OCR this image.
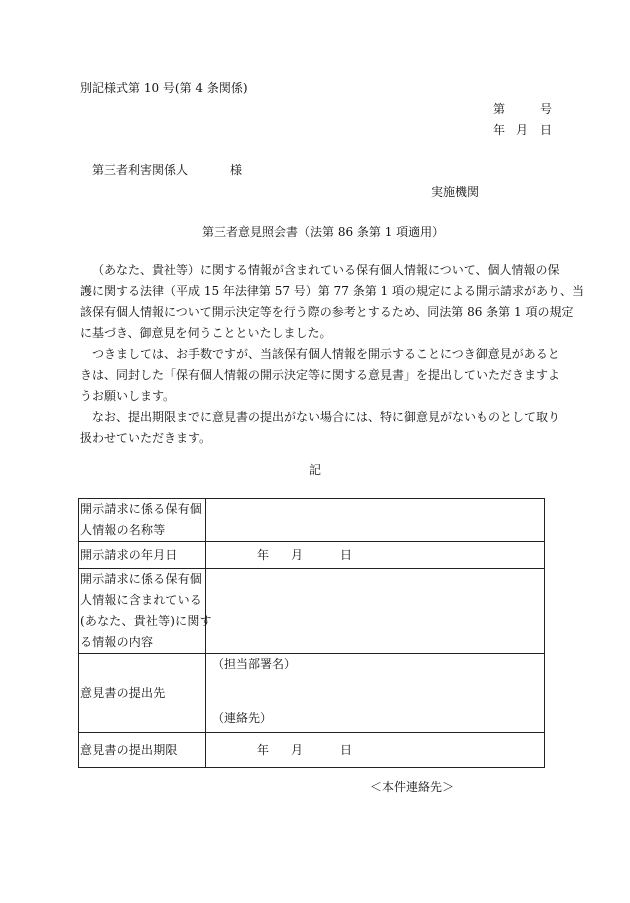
別記様式第 10 号(第 4 条関係)
第	号
年 月 日
第三者利害関係人	様
実施機関
第三者意見照会書（法第 86 条第 1 項適用）
（あなた、貴社等）に関する情報が含まれている保有個人情報について、個人情報の保
護に関する法律（平成 15 年法律第 57 号）第 77 条第 1 項の規定による開示請求があり、当
該保有個人情報について開示決定等を行う際の参考とするため、同法第 86 条第 1 項の規定
に基づき、御意見を伺うことといたしました。
つきましては、お手数ですが、当該保有個人情報を開示することにつき御意見があると
きは、同封した「保有個人情報の開示決定等に関する意見書」を提出していただきますよ
うお願いします。
なお、提出期限までに意見書の提出がない場合には、特に御意見がないものとして取り
扱わせていただきます。
記
開示請求に係る保有個
人情報の名称等	

開示請求の年月日	年 月 日

開示請求に係る保有個
人情報に含まれている
(あなた、貴社等)に関す
る情報の内容	

意見書の提出先	（担当部署名）
（連絡先）

意見書の提出期限	年 月 日
＜本件連絡先＞
